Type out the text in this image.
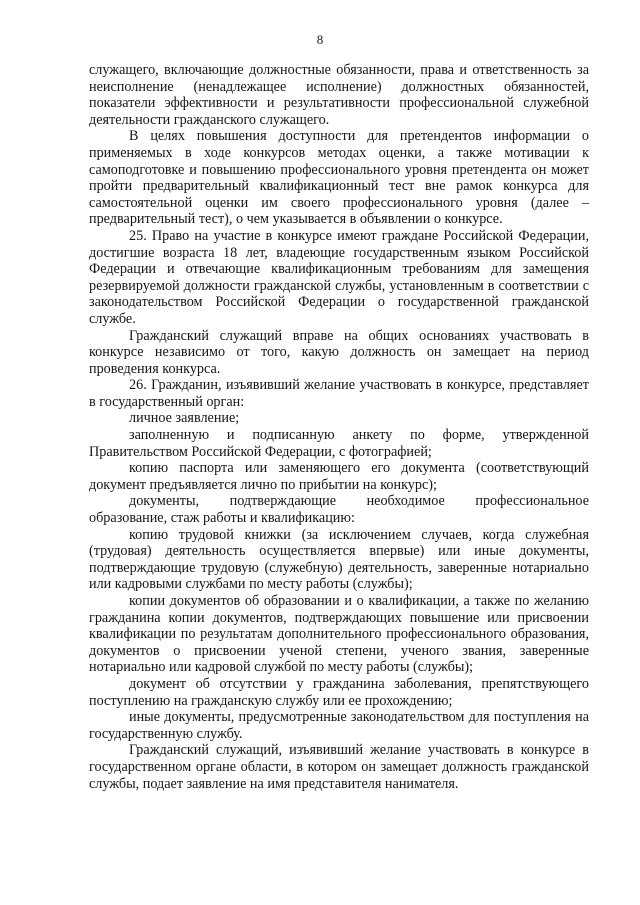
8

служащего, включающие должностные обязанности, права и ответственность за неисполнение (ненадлежащее исполнение) должностных обязанностей, показатели эффективности и результативности профессиональной служебной деятельности гражданского служащего.

В целях повышения доступности для претендентов информации о применяемых в ходе конкурсов методах оценки, а также мотивации к самоподготовке и повышению профессионального уровня претендента он может пройти предварительный квалификационный тест вне рамок конкурса для самостоятельной оценки им своего профессионального уровня (далее – предварительный тест), о чем указывается в объявлении о конкурсе.

25. Право на участие в конкурсе имеют граждане Российской Федерации, достигшие возраста 18 лет, владеющие государственным языком Российской Федерации и отвечающие квалификационным требованиям для замещения резервируемой должности гражданской службы, установленным в соответствии с законодательством Российской Федерации о государственной гражданской службе.

Гражданский служащий вправе на общих основаниях участвовать в конкурсе независимо от того, какую должность он замещает на период проведения конкурса.

26. Гражданин, изъявивший желание участвовать в конкурсе, представляет в государственный орган:

личное заявление;

заполненную и подписанную анкету по форме, утвержденной Правительством Российской Федерации, с фотографией;

копию паспорта или заменяющего его документа (соответствующий документ предъявляется лично по прибытии на конкурс);

документы, подтверждающие необходимое профессиональное образование, стаж работы и квалификацию:

копию трудовой книжки (за исключением случаев, когда служебная (трудовая) деятельность осуществляется впервые) или иные документы, подтверждающие трудовую (служебную) деятельность, заверенные нотариально или кадровыми службами по месту работы (службы);

копии документов об образовании и о квалификации, а также по желанию гражданина копии документов, подтверждающих повышение или присвоении квалификации по результатам дополнительного профессионального образования, документов о присвоении ученой степени, ученого звания, заверенные нотариально или кадровой службой по месту работы (службы);

документ об отсутствии у гражданина заболевания, препятствующего поступлению на гражданскую службу или ее прохождению;

иные документы, предусмотренные законодательством для поступления на государственную службу.

Гражданский служащий, изъявивший желание участвовать в конкурсе в государственном органе области, в котором он замещает должность гражданской службы, подает заявление на имя представителя нанимателя.
